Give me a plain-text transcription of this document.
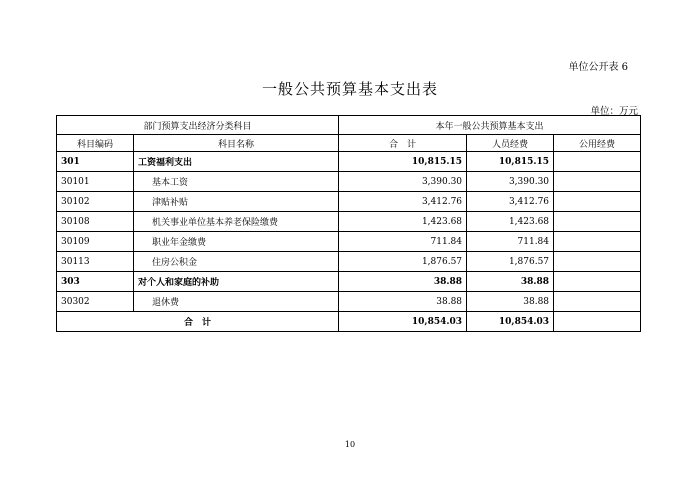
单位公开表 6
一般公共预算基本支出表
单位：万元
部门预算支出经济分类科目		本年一般公共预算基本支出		
科目编码	科目名称	合　计	人员经费	公用经费
301	工资福利支出	10,815.15	10,815.15	
30101	基本工资	3,390.30	3,390.30	
30102	津贴补贴	3,412.76	3,412.76	
30108	机关事业单位基本养老保险缴费	1,423.68	1,423.68	
30109	职业年金缴费	711.84	711.84	
30113	住房公积金	1,876.57	1,876.57	
303	对个人和家庭的补助	38.88	38.88	
30302	退休费	38.88	38.88	
合　计		10,854.03	10,854.03	
10
